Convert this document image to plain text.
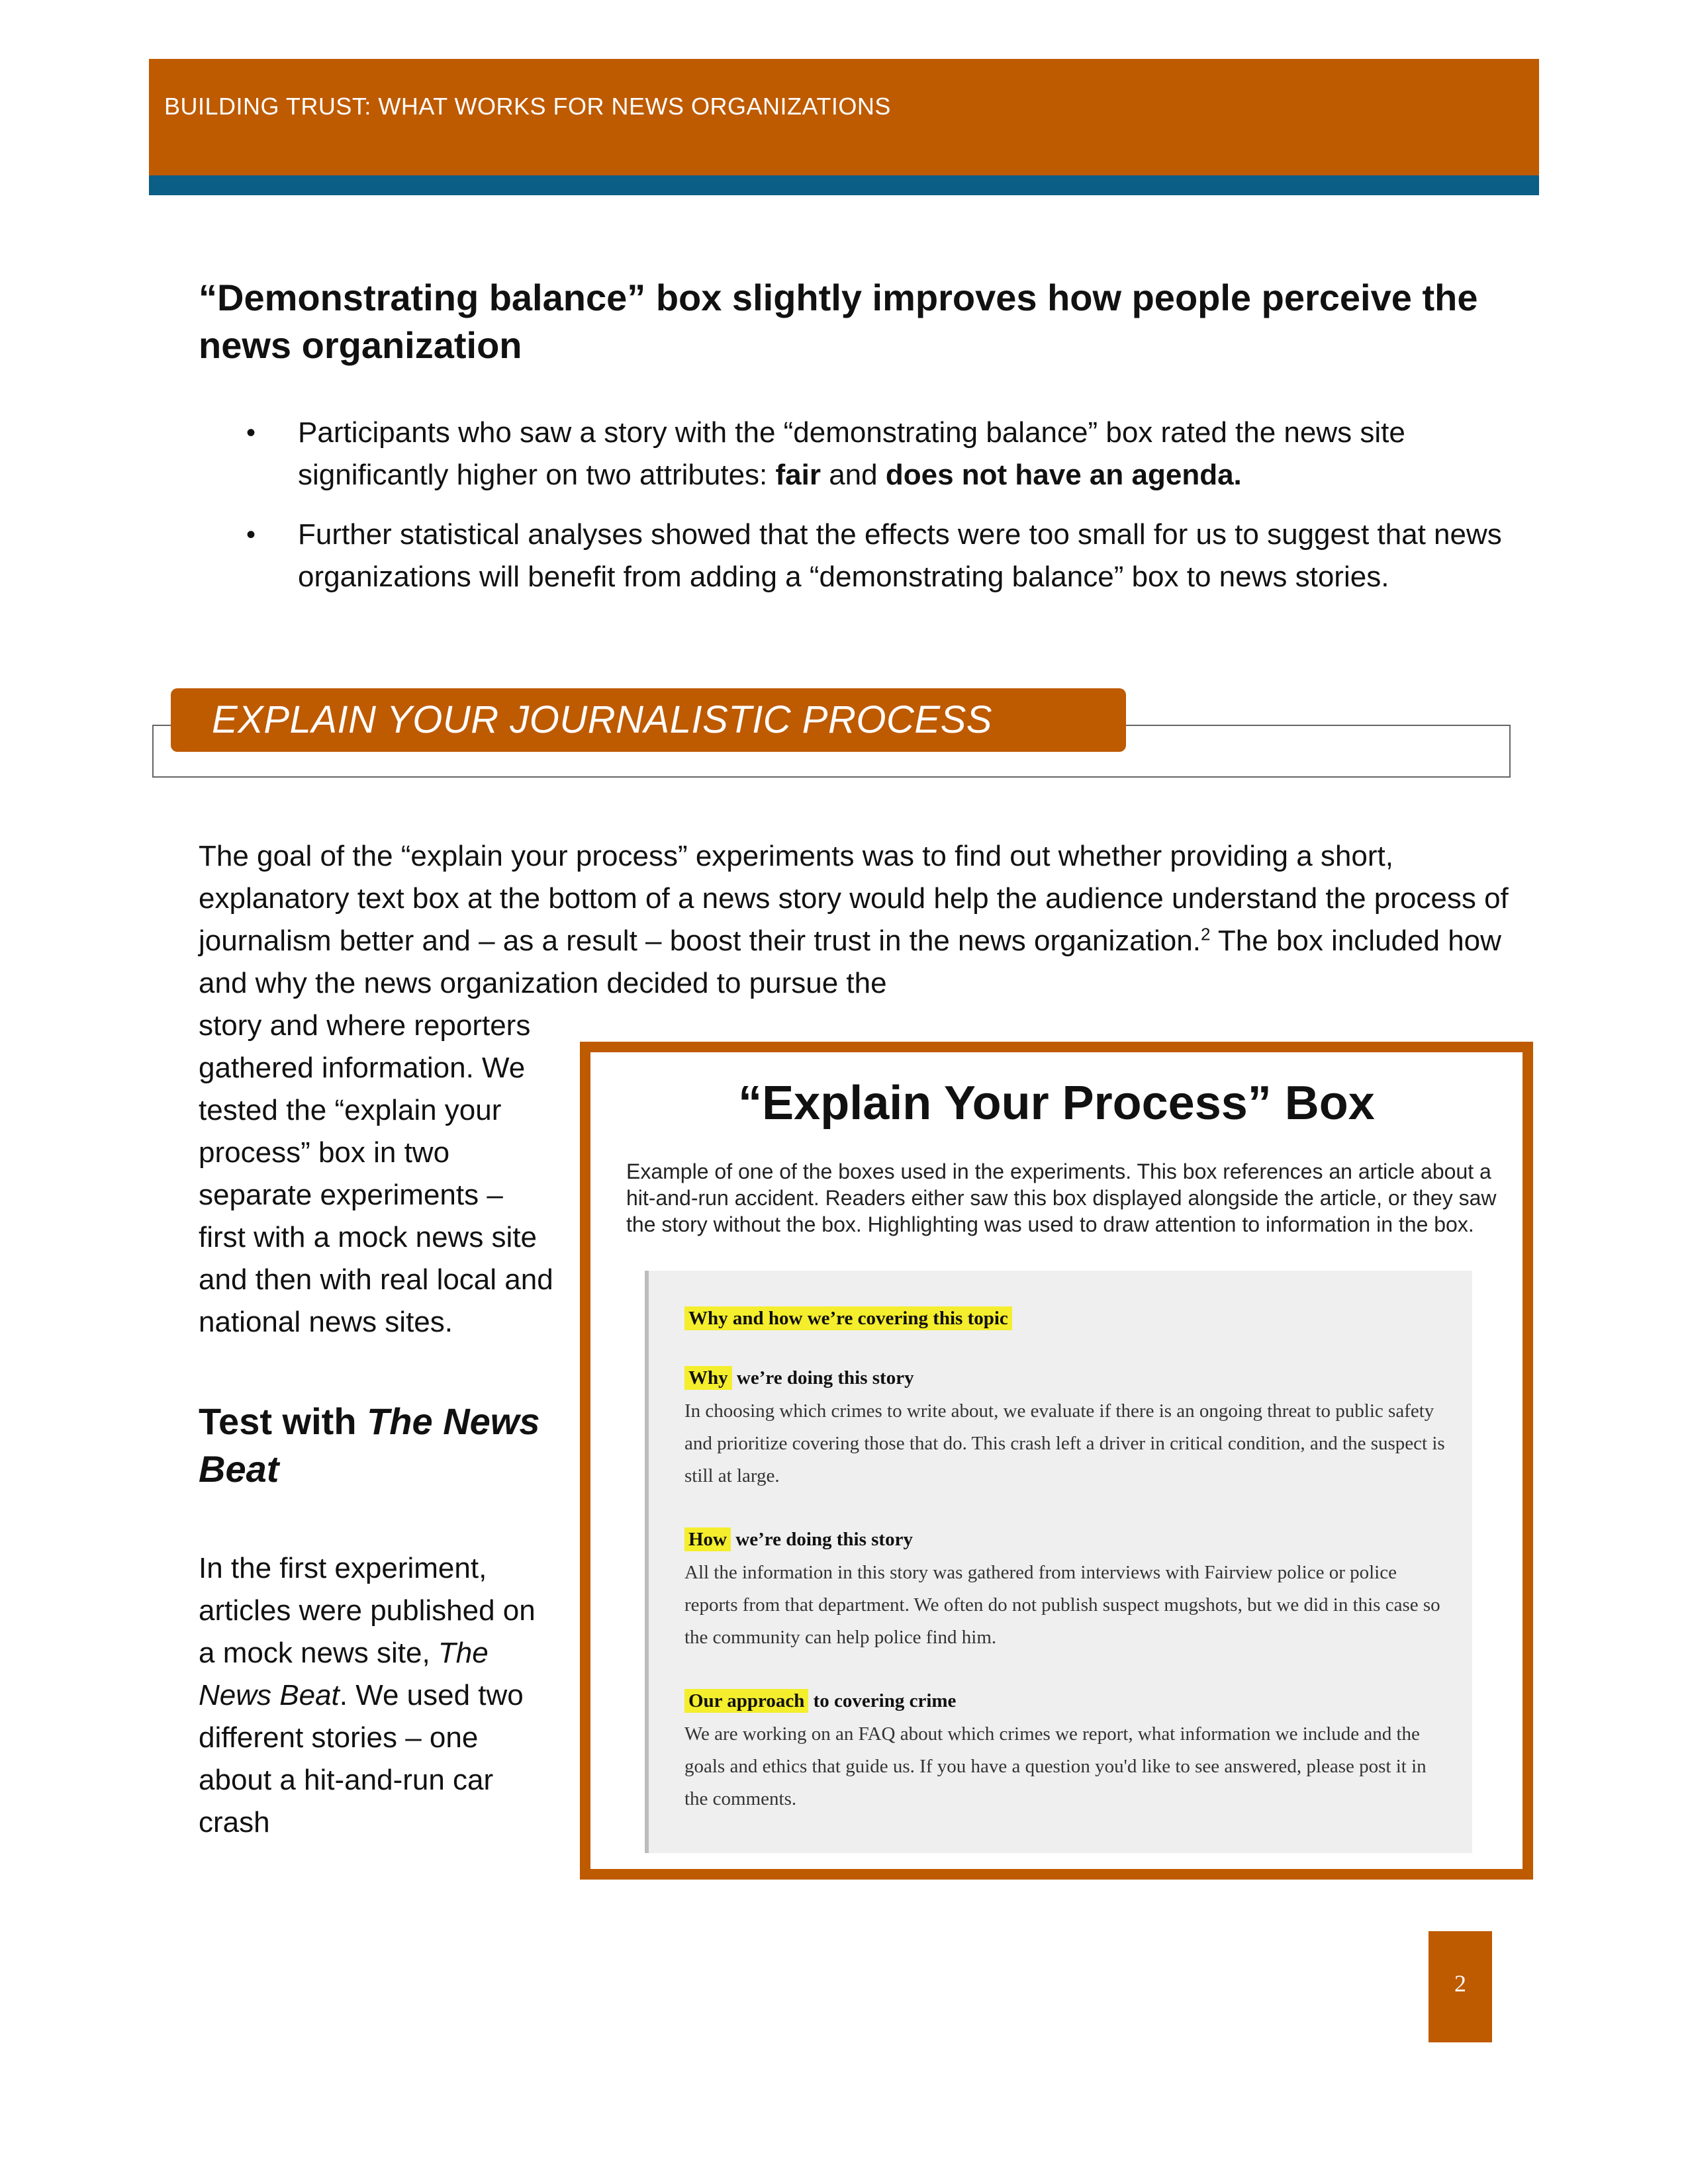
BUILDING TRUST: WHAT WORKS FOR NEWS ORGANIZATIONS
“Demonstrating balance” box slightly improves how people perceive the news organization
• Participants who saw a story with the “demonstrating balance” box rated the news site significantly higher on two attributes: fair and does not have an agenda.
• Further statistical analyses showed that the effects were too small for us to suggest that news organizations will benefit from adding a “demonstrating balance” box to news stories.
EXPLAIN YOUR JOURNALISTIC PROCESS

The goal of the “explain your process” experiments was to find out whether providing a short, explanatory text box at the bottom of a news story would help the audience understand the process of journalism better and – as a result – boost their trust in the news organization.$^2$ The box included how and why the news organization decided to pursue the

story and where reporters gathered information. We tested the “explain your process” box in two separate experiments – first with a mock news site and then with real local and national news sites.

Test with The News Beat

In the first experiment, articles were published on a mock news site, The News Beat. We used two different stories – one about a hit-and-run car crash

“Explain Your Process” Box
Example of one of the boxes used in the experiments. This box references an article about a hit-and-run accident. Readers either saw this box displayed alongside the article, or they saw the story without the box. Highlighting was used to draw attention to information in the box.
Why and how we’re covering this topic
Why we’re doing this story
In choosing which crimes to write about, we evaluate if there is an ongoing threat to public safety and prioritize covering those that do. This crash left a driver in critical condition, and the suspect is still at large.
How we’re doing this story
All the information in this story was gathered from interviews with Fairview police or police reports from that department. We often do not publish suspect mugshots, but we did in this case so the community can help police find him.
Our approach to covering crime
We are working on an FAQ about which crimes we report, what information we include and the goals and ethics that guide us. If you have a question you'd like to see answered, please post it in the comments.
2
